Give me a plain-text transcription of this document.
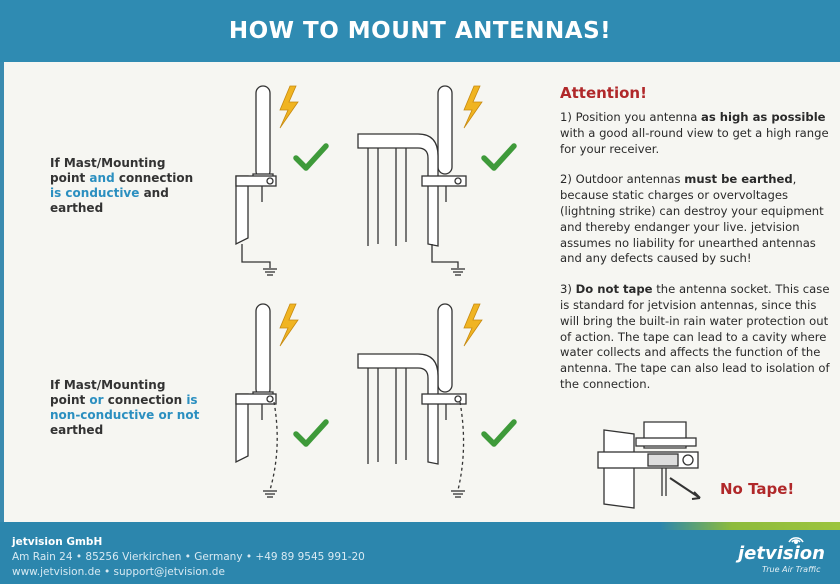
HOW TO MOUNT ANTENNAS!
If Mast/Mounting
point and connection
is conductive and
earthed
If Mast/Mounting
point or connection is
non-conductive or not
earthed
Attention!

1) Position you antenna as high as possible with a good all-round view to get a high range for your receiver.

2) Outdoor antennas must be earthed, because static charges or overvoltages (lightning strike) can destroy your equipment and thereby endanger your live. jetvision assumes no liability for unearthed antennas and any defects caused by such!

3) Do not tape the antenna socket. This case is standard for jetvision antennas, since this will bring the built-in rain water protection out of action. The tape can lead to a cavity where water collects and affects the function of the antenna. The tape can also lead to isolation of the connection.

No Tape!
jetvision GmbH
Am Rain 24 • 85256 Vierkirchen • Germany • +49 89 9545 991-20
www.jetvision.de • support@jetvision.de
jetvision
True Air Traffic
